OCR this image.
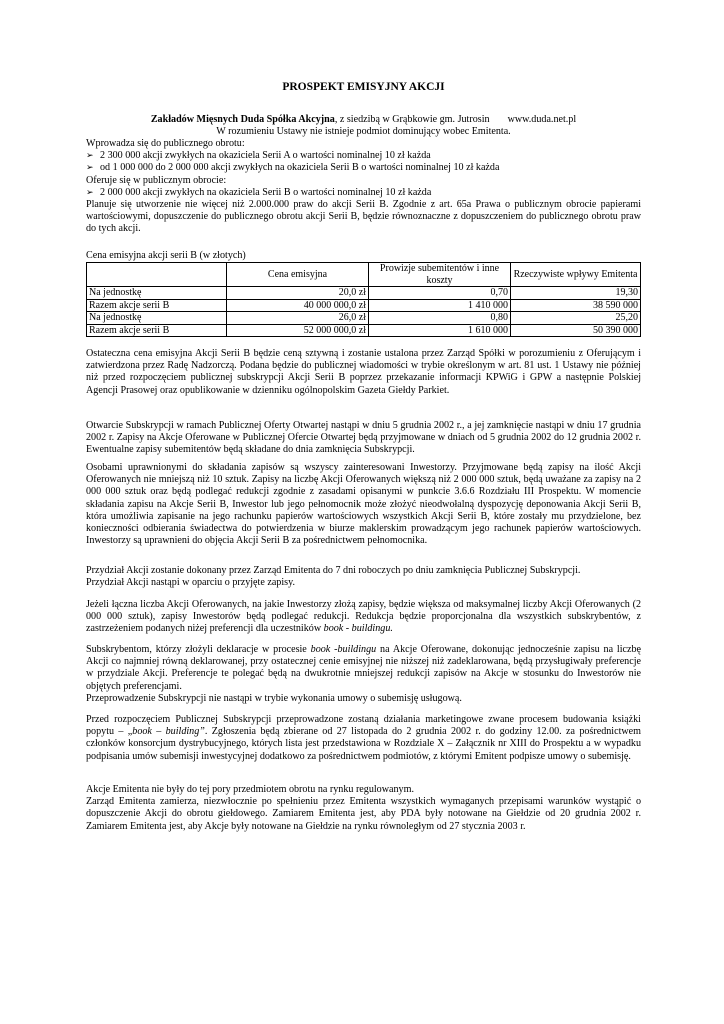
PROSPEKT EMISYJNY AKCJI
Zakładów Mięsnych Duda Spółka Akcyjna, z siedzibą w Grąbkowie gm. Jutrosin www.duda.net.pl
W rozumieniu Ustawy nie istnieje podmiot dominujący wobec Emitenta.
Wprowadza się do publicznego obrotu:
➢ 2 300 000 akcji zwykłych na okaziciela Serii A o wartości nominalnej 10 zł każda
➢ od 1 000 000 do 2 000 000 akcji zwykłych na okaziciela Serii B o wartości nominalnej 10 zł każda
Oferuje się w publicznym obrocie:
➢ 2 000 000 akcji zwykłych na okaziciela Serii B o wartości nominalnej 10 zł każda
Planuje się utworzenie nie więcej niż 2.000.000 praw do akcji Serii B. Zgodnie z art. 65a Prawa o publicznym obrocie papierami wartościowymi, dopuszczenie do publicznego obrotu akcji Serii B, będzie równoznaczne z dopuszczeniem do publicznego obrotu praw do tych akcji.
Cena emisyjna akcji serii B (w złotych)
	Cena emisyjna	Prowizje subemitentów i inne koszty	Rzeczywiste wpływy Emitenta
Na jednostkę	20,0 zł	0,70	19,30
Razem akcje serii B	40 000 000,0 zł	1 410 000	38 590 000
Na jednostkę	26,0 zł	0,80	25,20
Razem akcje serii B	52 000 000,0 zł	1 610 000	50 390 000
Ostateczna cena emisyjna Akcji Serii B będzie ceną sztywną i zostanie ustalona przez Zarząd Spółki w porozumieniu z Oferującym i zatwierdzona przez Radę Nadzorczą. Podana będzie do publicznej wiadomości w trybie określonym w art. 81 ust. 1 Ustawy nie później niż przed rozpoczęciem publicznej subskrypcji Akcji Serii B poprzez przekazanie informacji KPWiG i GPW a następnie Polskiej Agencji Prasowej oraz opublikowanie w dzienniku ogólnopolskim Gazeta Giełdy Parkiet.
Otwarcie Subskrypcji w ramach Publicznej Oferty Otwartej nastąpi w dniu 5 grudnia 2002 r., a jej zamknięcie nastąpi w dniu 17 grudnia 2002 r. Zapisy na Akcje Oferowane w Publicznej Ofercie Otwartej będą przyjmowane w dniach od 5 grudnia 2002 do 12 grudnia 2002 r. Ewentualne zapisy subemitentów będą składane do dnia zamknięcia Subskrypcji.
Osobami uprawnionymi do składania zapisów są wszyscy zainteresowani Inwestorzy. Przyjmowane będą zapisy na ilość Akcji Oferowanych nie mniejszą niż 10 sztuk. Zapisy na liczbę Akcji Oferowanych większą niż 2 000 000 sztuk, będą uważane za zapisy na 2 000 000 sztuk oraz będą podlegać redukcji zgodnie z zasadami opisanymi w punkcie 3.6.6 Rozdziału III Prospektu. W momencie składania zapisu na Akcje Serii B, Inwestor lub jego pełnomocnik może złożyć nieodwołalną dyspozycję deponowania Akcji Serii B, która umożliwia zapisanie na jego rachunku papierów wartościowych wszystkich Akcji Serii B, które zostały mu przydzielone, bez konieczności odbierania świadectwa do potwierdzenia w biurze maklerskim prowadzącym jego rachunek papierów wartościowych. Inwestorzy są uprawnieni do objęcia Akcji Serii B za pośrednictwem pełnomocnika.
Przydział Akcji zostanie dokonany przez Zarząd Emitenta do 7 dni roboczych po dniu zamknięcia Publicznej Subskrypcji.
Przydział Akcji nastąpi w oparciu o przyjęte zapisy.
Jeżeli łączna liczba Akcji Oferowanych, na jakie Inwestorzy złożą zapisy, będzie większa od maksymalnej liczby Akcji Oferowanych (2 000 000 sztuk), zapisy Inwestorów będą podlegać redukcji. Redukcja będzie proporcjonalna dla wszystkich subskrybentów, z zastrzeżeniem podanych niżej preferencji dla uczestników book - buildingu.
Subskrybentom, którzy złożyli deklaracje w procesie book -buildingu na Akcje Oferowane, dokonując jednocześnie zapisu na liczbę Akcji co najmniej równą deklarowanej, przy ostatecznej cenie emisyjnej nie niższej niż zadeklarowana, będą przysługiwały preferencje w przydziale Akcji. Preferencje te polegać będą na dwukrotnie mniejszej redukcji zapisów na Akcje w stosunku do Inwestorów nie objętych preferencjami.
Przeprowadzenie Subskrypcji nie nastąpi w trybie wykonania umowy o subemisję usługową.
Przed rozpoczęciem Publicznej Subskrypcji przeprowadzone zostaną działania marketingowe zwane procesem budowania książki popytu – „book – building”. Zgłoszenia będą zbierane od 27 listopada do 2 grudnia 2002 r. do godziny 12.00. za pośrednictwem członków konsorcjum dystrybucyjnego, których lista jest przedstawiona w Rozdziale X – Załącznik nr XIII do Prospektu a w wypadku podpisania umów subemisji inwestycyjnej dodatkowo za pośrednictwem podmiotów, z którymi Emitent podpisze umowy o subemisję.
Akcje Emitenta nie były do tej pory przedmiotem obrotu na rynku regulowanym.
Zarząd Emitenta zamierza, niezwłocznie po spełnieniu przez Emitenta wszystkich wymaganych przepisami warunków wystąpić o dopuszczenie Akcji do obrotu giełdowego. Zamiarem Emitenta jest, aby PDA były notowane na Giełdzie od 20 grudnia 2002 r. Zamiarem Emitenta jest, aby Akcje były notowane na Giełdzie na rynku równoległym od 27 stycznia 2003 r.
